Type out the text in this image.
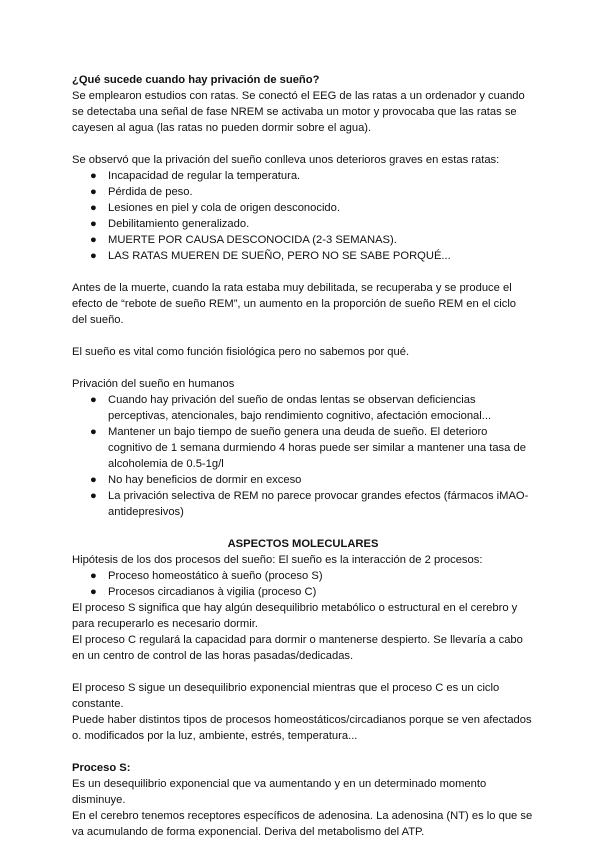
¿Qué sucede cuando hay privación de sueño?

Se emplearon estudios con ratas. Se conectó el EEG de las ratas a un ordenador y cuando se detectaba una señal de fase NREM se activaba un motor y provocaba que las ratas se cayesen al agua (las ratas no pueden dormir sobre el agua).

Se observó que la privación del sueño conlleva unos deterioros graves en estas ratas:

● Incapacidad de regular la temperatura.
● Pérdida de peso.
● Lesiones en piel y cola de origen desconocido.
● Debilitamiento generalizado.
● MUERTE POR CAUSA DESCONOCIDA (2-3 SEMANAS).
● LAS RATAS MUEREN DE SUEÑO, PERO NO SE SABE PORQUÉ...

Antes de la muerte, cuando la rata estaba muy debilitada, se recuperaba y se produce el efecto de “rebote de sueño REM”, un aumento en la proporción de sueño REM en el ciclo del sueño.

El sueño es vital como función fisiológica pero no sabemos por qué.

Privación del sueño en humanos

● Cuando hay privación del sueño de ondas lentas se observan deficiencias perceptivas, atencionales, bajo rendimiento cognitivo, afectación emocional...
● Mantener un bajo tiempo de sueño genera una deuda de sueño. El deterioro cognitivo de 1 semana durmiendo 4 horas puede ser similar a mantener una tasa de alcoholemia de 0.5-1g/l
● No hay beneficios de dormir en exceso
● La privación selectiva de REM no parece provocar grandes efectos (fármacos iMAO-antidepresivos)

ASPECTOS MOLECULARES

Hipótesis de los dos procesos del sueño: El sueño es la interacción de 2 procesos:

● Proceso homeostático à sueño (proceso S)
● Procesos circadianos à vigilia (proceso C)

El proceso S significa que hay algún desequilibrio metabólico o estructural en el cerebro y para recuperarlo es necesario dormir.

El proceso C regulará la capacidad para dormir o mantenerse despierto. Se llevaría a cabo en un centro de control de las horas pasadas/dedicadas.

El proceso S sigue un desequilibrio exponencial mientras que el proceso C es un ciclo constante.

Puede haber distintos tipos de procesos homeostáticos/circadianos porque se ven afectados o. modificados por la luz, ambiente, estrés, temperatura...

Proceso S:

Es un desequilibrio exponencial que va aumentando y en un determinado momento disminuye.

En el cerebro tenemos receptores específicos de adenosina. La adenosina (NT) es lo que se va acumulando de forma exponencial. Deriva del metabolismo del ATP.
